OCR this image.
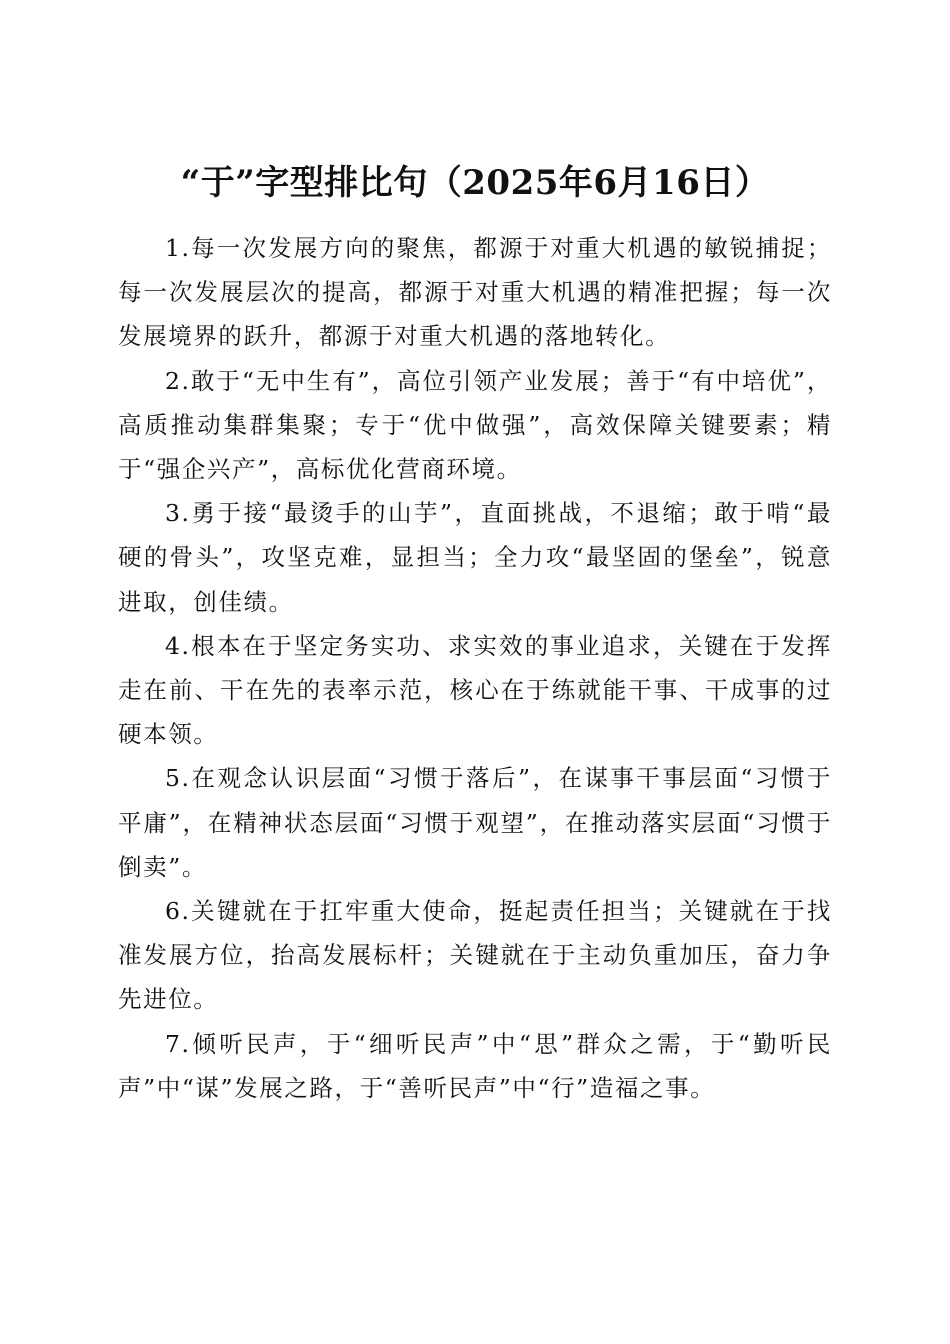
“于”字型排比句（2025年6月16日）

1.每一次发展方向的聚焦，都源于对重大机遇的敏锐捕捉；每一次发展层次的提高，都源于对重大机遇的精准把握；每一次发展境界的跃升，都源于对重大机遇的落地转化。

2.敢于“无中生有”，高位引领产业发展；善于“有中培优”，高质推动集群集聚；专于“优中做强”，高效保障关键要素；精于“强企兴产”，高标优化营商环境。

3.勇于接“最烫手的山芋”，直面挑战，不退缩；敢于啃“最硬的骨头”，攻坚克难，显担当；全力攻“最坚固的堡垒”，锐意进取，创佳绩。

4.根本在于坚定务实功、求实效的事业追求，关键在于发挥走在前、干在先的表率示范，核心在于练就能干事、干成事的过硬本领。

5.在观念认识层面“习惯于落后”，在谋事干事层面“习惯于平庸”，在精神状态层面“习惯于观望”，在推动落实层面“习惯于倒卖”。

6.关键就在于扛牢重大使命，挺起责任担当；关键就在于找准发展方位，抬高发展标杆；关键就在于主动负重加压，奋力争先进位。

7.倾听民声，于“细听民声”中“思”群众之需，于“勤听民声”中“谋”发展之路，于“善听民声”中“行”造福之事。
